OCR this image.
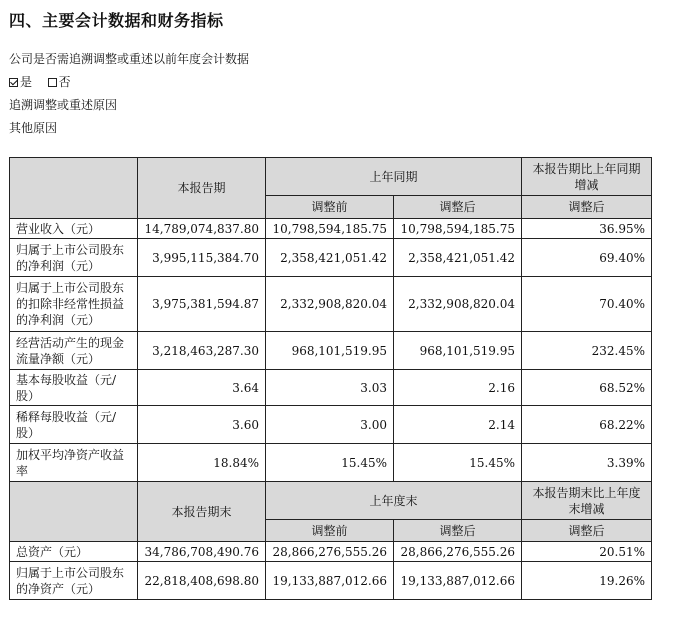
四、主要会计数据和财务指标
公司是否需追溯调整或重述以前年度会计数据
是 否
追溯调整或重述原因
其他原因
	本报告期	上年同期		本报告期比上年同期增减
		调整前	调整后	调整后
营业收入（元）	14,789,074,837.80	10,798,594,185.75	10,798,594,185.75	36.95%
归属于上市公司股东的净利润（元）	3,995,115,384.70	2,358,421,051.42	2,358,421,051.42	69.40%
归属于上市公司股东的扣除非经常性损益的净利润（元）	3,975,381,594.87	2,332,908,820.04	2,332,908,820.04	70.40%
经营活动产生的现金流量净额（元）	3,218,463,287.30	968,101,519.95	968,101,519.95	232.45%
基本每股收益（元/股）	3.64	3.03	2.16	68.52%
稀释每股收益（元/股）	3.60	3.00	2.14	68.22%
加权平均净资产收益率	18.84%	15.45%	15.45%	3.39%
	本报告期末	上年度末		本报告期末比上年度末增减
		调整前	调整后	调整后
总资产（元）	34,786,708,490.76	28,866,276,555.26	28,866,276,555.26	20.51%
归属于上市公司股东的净资产（元）	22,818,408,698.80	19,133,887,012.66	19,133,887,012.66	19.26%
